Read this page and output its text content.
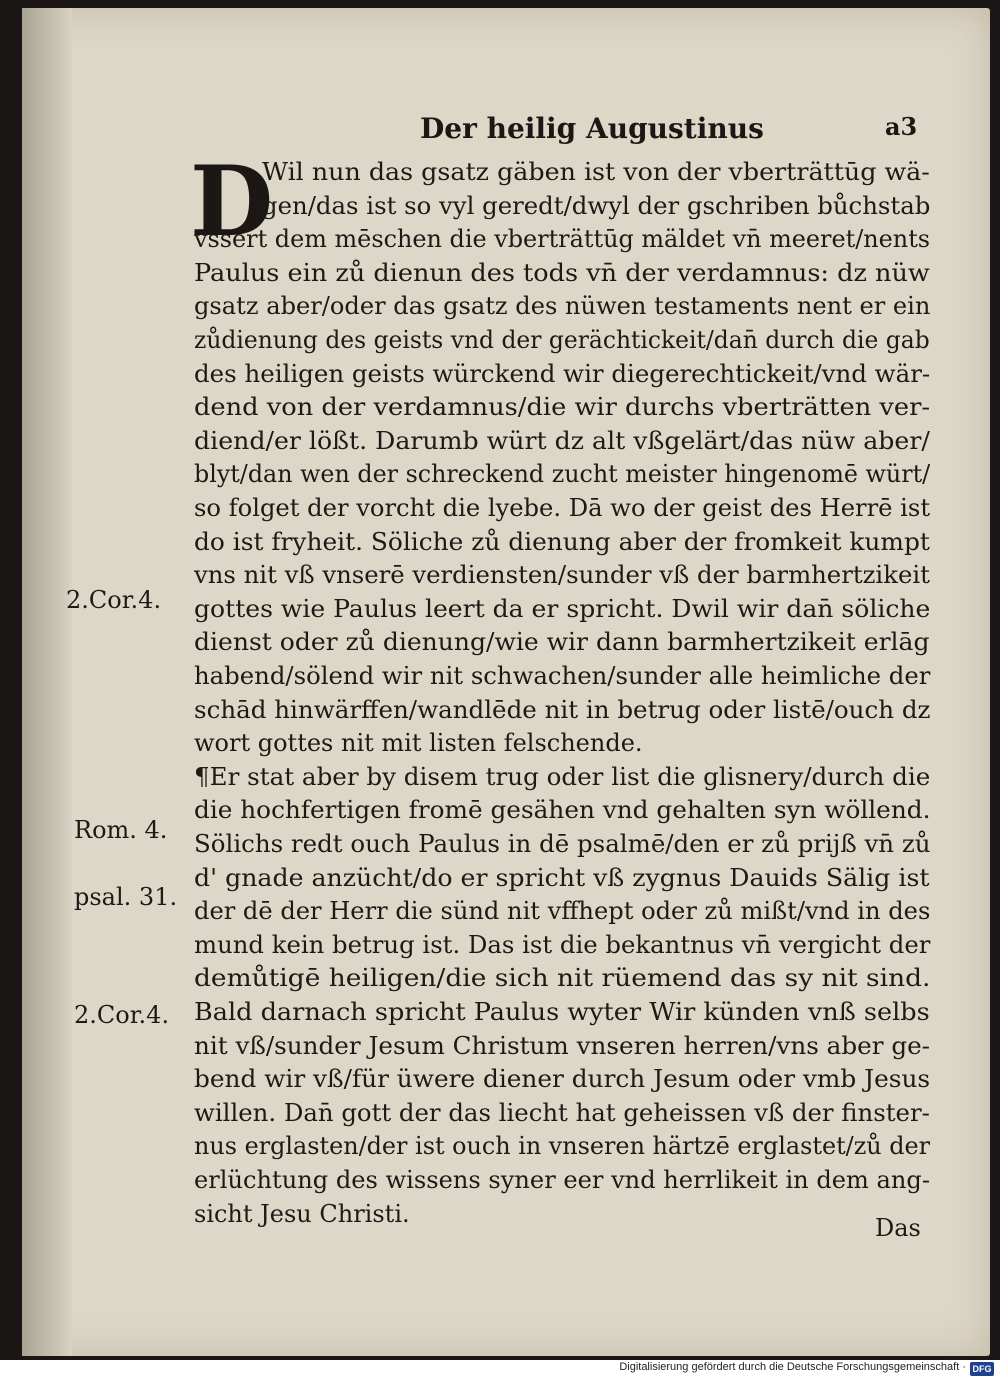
Der heilig Augustinus	a3
D
Wil nun das gsatz gäben ist von der vberträttūg wä-
gen/das ist so vyl geredt/dwyl der gschriben bůchstab
vssert dem mēschen die vberträttūg mäldet vn̄ meeret/nents
Paulus ein zů dienun des tods vn̄ der verdamnus: dz nüw
gsatz aber/oder das gsatz des nüwen testaments nent er ein
zůdienung des geists vnd der gerächtickeit/dan̄ durch die gab
des heiligen geists würckend wir diegerechtickeit/vnd wär-
dend von der verdamnus/die wir durchs vberträtten ver-
diend/er lößt. Darumb würt dz alt vßgelärt/das nüw aber/
blyt/dan wen der schreckend zucht meister hingenomē würt/
so folget der vorcht die lyebe. Dā wo der geist des Herrē ist
do ist fryheit. Söliche zů dienung aber der fromkeit kumpt
vns nit vß vnserē verdiensten/sunder vß der barmhertzikeit
gottes wie Paulus leert da er spricht. Dwil wir dan̄ söliche
dienst oder zů dienung/wie wir dann barmhertzikeit erlāg
habend/sölend wir nit schwachen/sunder alle heimliche der
schād hinwärffen/wandlēde nit in betrug oder listē/ouch dz
wort gottes nit mit listen felschende.
¶Er stat aber by disem trug oder list die glisnery/durch die
die hochfertigen fromē gesähen vnd gehalten syn wöllend.
Sölichs redt ouch Paulus in dē psalmē/den er zů prijß vn̄ zů
d' gnade anzücht/do er spricht vß zygnus Dauids Sälig ist
der dē der Herr die sünd nit vffhept oder zů mißt/vnd in des
mund kein betrug ist. Das ist die bekantnus vn̄ vergicht der
demůtigē heiligen/die sich nit rüemend das sy nit sind.
Bald darnach spricht Paulus wyter Wir künden vnß selbs
nit vß/sunder Jesum Christum vnseren herren/vns aber ge-
bend wir vß/für üwere diener durch Jesum oder vmb Jesus
willen. Dan̄ gott der das liecht hat geheissen vß der finster-
nus erglasten/der ist ouch in vnseren härtzē erglastet/zů der
erlüchtung des wissens syner eer vnd herrlikeit in dem ang-
sicht Jesu Christi.
2.Cor.4.
Rom. 4.
psal. 31.
2.Cor.4.
Das
Digitalisierung gefördert durch die Deutsche Forschungsgemeinschaft · DFG
